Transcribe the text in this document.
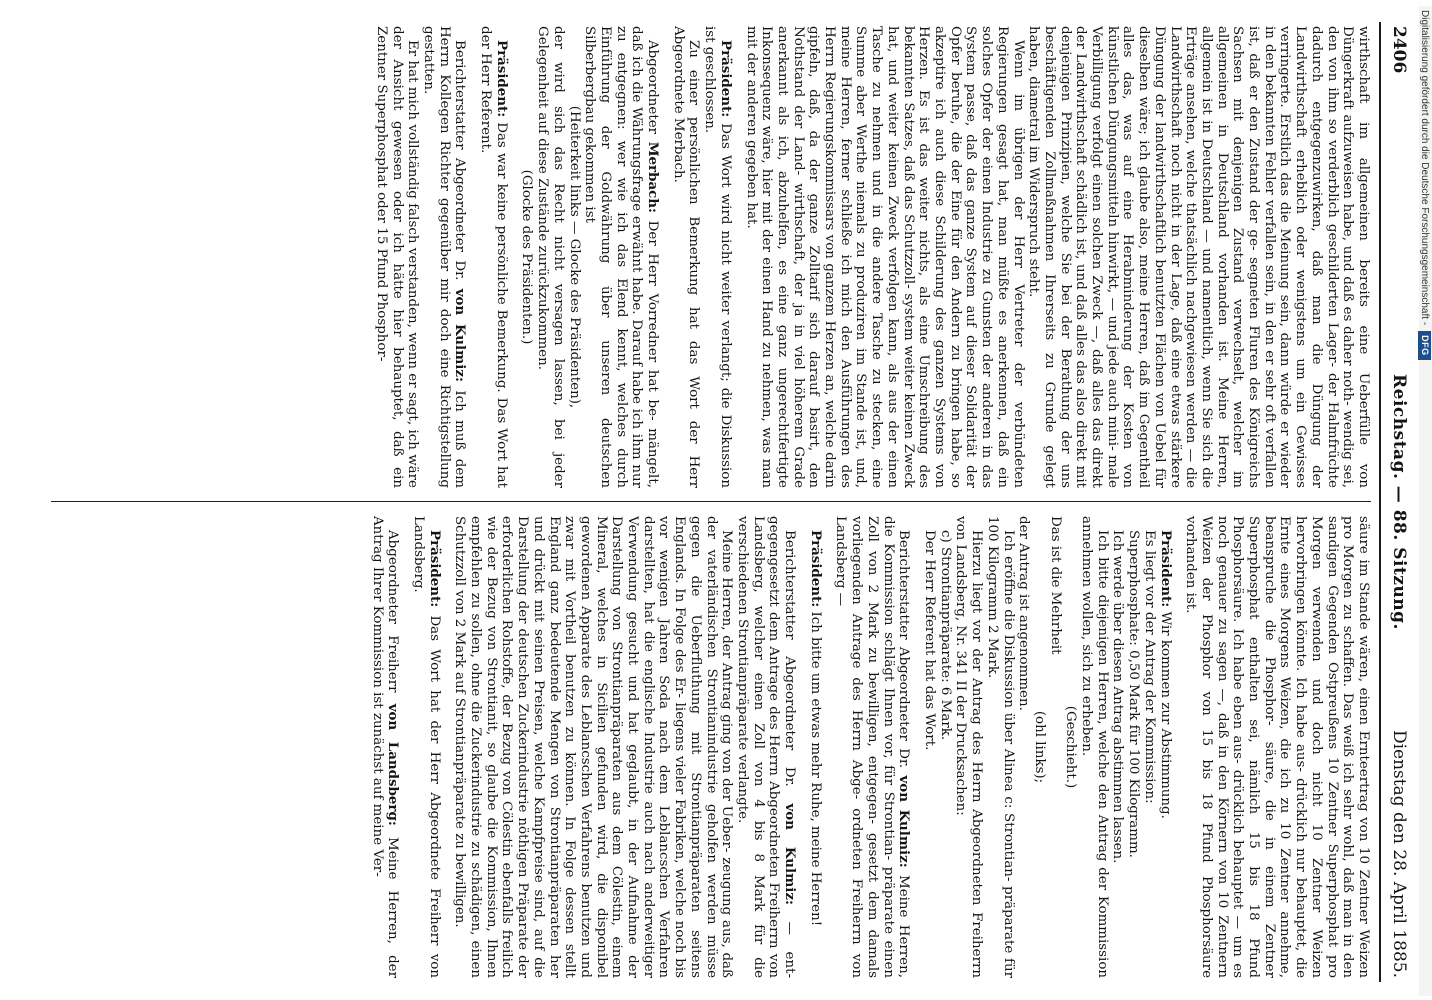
2406
Reichstag. — 88. Sitzung.
Dienstag den 28. April 1885.

wirthschaft im allgemeinen bereits eine Ueberfülle von Düngerkraft aufzuweisen habe, und daß es daher noth- wendig sei, den von ihm so verderblich geschilderten Lager- der Halmfrüchte dadurch entgegenzuwirken, daß man die Düngung der Landwirthschaft erheblich oder wenigstens um ein Gewisses verringerte. Erstlich das die Meinung sein, dann würde er wieder in den bekannten Fehler verfallen sein, in den er sehr oft verfallen ist, daß er den Zustand der ge- segneten Fluren des Königreichs Sachsen mit denjenigen Zustand verwechselt, welcher im allgemeinen in Deutschland vorhanden ist. Meine Herren, allgemein ist in Deutschland — und namentlich, wenn Sie sich die Erträge ansehen, welche thatsächlich nachgewiesen werden — die Landwirthschaft noch nicht in der Lage, daß eine etwas stärkere Düngung der landwirthschaftlich benutzten Flächen von Uebel für dieselben wäre; ich glaube also, meine Herren, daß im Gegentheil alles das, was auf eine Herabminderung der Kosten von künstlichen Düngungsmitteln hinwirkt, — und jede auch mini- male Verbilligung verfolgt einen solchen Zweck —, daß alles das direkt der Landwirthschaft schädlich ist, und daß alles das also direkt mit denjenigen Prinzipien, welche Sie bei der Berathung der uns beschäftigenden Zollmaßnahmen Ihrerseits zu Grunde gelegt haben, diametral im Widerspruch steht.

Wenn im übrigen der Herr Vertreter der verbündeten Regierungen gesagt hat, man müßte es anerkennen, daß ein solches Opfer der einen Industrie zu Gunsten der anderen in das System passe, daß das ganze System auf dieser Solidarität der Opfer beruhe, die der Eine für den Andern zu bringen habe, so akzeptire ich auch diese Schilderung des ganzen Systems von Herzen. Es ist das weiter nichts, als eine Umschreibung des bekannten Satzes, daß das Schutzzoll- system weiter keinen Zweck hat, und weiter keinen Zweck verfolgen kann, als aus der einen Tasche zu nehmen und in die andere Tasche zu stecken, eine Summe aber Werthe niemals zu produziren im Stande ist, und, meine Herren, ferner schließe ich mich den Ausführungen des Herrn Regierungskommissars von ganzem Herzen an, welche darin gipfeln, daß, da der ganze Zolltarif sich darauf basirt, den Nothstand der Land- wirthschaft, der ja in viel höherem Grade anerkannt als ich, abzuhelfen, es eine ganz ungerechtfertigte Inkonsequenz wäre, hier mit der einen Hand zu nehmen, was man mit der anderen gegeben hat.

Präsident: Das Wort wird nicht weiter verlangt; die Diskussion ist geschlossen.

Zu einer persönlichen Bemerkung hat das Wort der Herr Abgeordnete Merbach.

Abgeordneter Merbach: Der Herr Vorredner hat be- mängelt, daß ich die Währungsfrage erwähnt habe. Darauf habe ich ihm nur zu entgegnen: wer wie ich das Elend kennt, welches durch Einführung der Goldwährung über unseren deutschen Silberbergbau gekommen ist

(Heiterkeit links — Glocke des Präsidenten),

der wird sich das Recht nicht versagen lassen, bei jeder Gelegenheit auf diese Zustände zurückzukommen.

(Glocke des Präsidenten.)

Präsident: Das war keine persönliche Bemerkung. Das Wort hat der Herr Referent.

Berichterstatter Abgeordneter Dr. von Kulmiz: Ich muß dem Herrn Kollegen Richter gegenüber mir doch eine Richtigstellung gestatten.

Er hat mich vollständig falsch verstanden, wenn er sagt, ich wäre der Ansicht gewesen oder ich hätte hier behauptet, daß ein Zentner Superphosphat oder 15 Pfund Phosphor-

säure im Stande wären, einen Ernteertrag von 10 Zentner Weizen pro Morgen zu schaffen. Das weiß ich sehr wohl, daß man in den sandigen Gegenden Ostpreußens 10 Zentner Superphosphat pro Morgen verwenden und doch nicht 10 Zentner Weizen hervorbringen könnte. Ich habe aus- drücklich nur behauptet, die Ernte eines Morgens Weizen, die ich zu 10 Zentner annehme, beanspruche die Phosphor- säure, die in einem Zentner Superphosphat enthalten sei, nämlich 15 bis 18 Pfund Phosphorsäure. Ich habe eben aus- drücklich behauptet — um es noch genauer zu sagen —, daß in den Körnern von 10 Zentnern Weizen der Phosphor von 15 bis 18 Pfund Phosphorsäure vorhanden ist.

Präsident: Wir kommen zur Abstimmung.

Es liegt vor der Antrag der Kommission:

Superphosphate: 0,50 Mark für 100 Kilogramm.

Ich werde über diesen Antrag abstimmen lassen.

Ich bitte diejenigen Herren, welche den Antrag der Kommission annehmen wollen, sich zu erheben.

(Geschieht.)

Das ist die Mehrheit

(ohl links);

der Antrag ist angenommen.

Ich eröffne die Diskussion über Alinea c: Strontian- präparate für 100 Kilogramm 2 Mark.

Hierzu liegt vor der Antrag des Herrn Abgeordneten Freiherrn von Landsberg, Nr. 341 II der Drucksachen:

c) Strontianpräparate: 6 Mark.

Der Herr Referent hat das Wort.

Berichterstatter Abgeordneter Dr. von Kulmiz: Meine Herren, die Kommission schlägt Ihnen vor, für Strontian- präparate einen Zoll von 2 Mark zu bewilligen, entgegen- gesetzt dem damals vorliegenden Antrage des Herrn Abge- ordneten Freiherrn von Landsberg —

Präsident: Ich bitte um etwas mehr Ruhe, meine Herren!

Berichterstatter Abgeordneter Dr. von Kulmiz: — ent- gegengesetzt dem Antrage des Herrn Abgeordneten Freiherrn von Landsberg, welcher einen Zoll von 4 bis 8 Mark für die verschiedenen Strontianpräparate verlangte.

Meine Herren, der Antrag ging von der Ueber- zeugung aus, daß der vaterländischen Strontianindustrie geholfen werden müsse gegen die Ueberfluthung mit Strontianpräparaten seitens Englands. In Folge des Er- liegens vieler Fabriken, welche noch bis vor wenigen Jahren Soda nach dem Leblancschen Verfahren darstellten, hat die englische Industrie auch nach anderweitiger Verwendung gesucht und hat geglaubt, in der Aufnahme der Darstellung von Strontianpräparaten aus dem Cölestin, einem Mineral, welches in Sicilien gefunden wird, die disponibel gewordenen Apparate des Leblancschen Verfahrens benutzen und zwar mit Vortheil benutzen zu können. In Folge dessen stellt England ganz bedeutende Mengen von Strontianpräparaten her und drückt mit seinen Preisen, welche Kampfpreise sind, auf die Darstellung der deutschen Zuckerindustrie nöthigen Präparate der erforderlichen Rohstoffe, der Bezug von Cölestin ebenfalls freilich wie der Bezug von Strontianit, so glaube die Kommission, Ihnen empfehlen zu sollen, ohne die Zuckerindustrie zu schädigen, einen Schutzzoll von 2 Mark auf Strontianpräparate zu bewilligen.

Präsident: Das Wort hat der Herr Abgeordnete Freiherr von Landsberg.

Abgeordneter Freiherr von Landsberg: Meine Herren, der Antrag Ihrer Kommission ist zunächst auf meine Ver-

Digitalisierung gefördert durch die Deutsche Forschungsgemeinschaft -DFG
